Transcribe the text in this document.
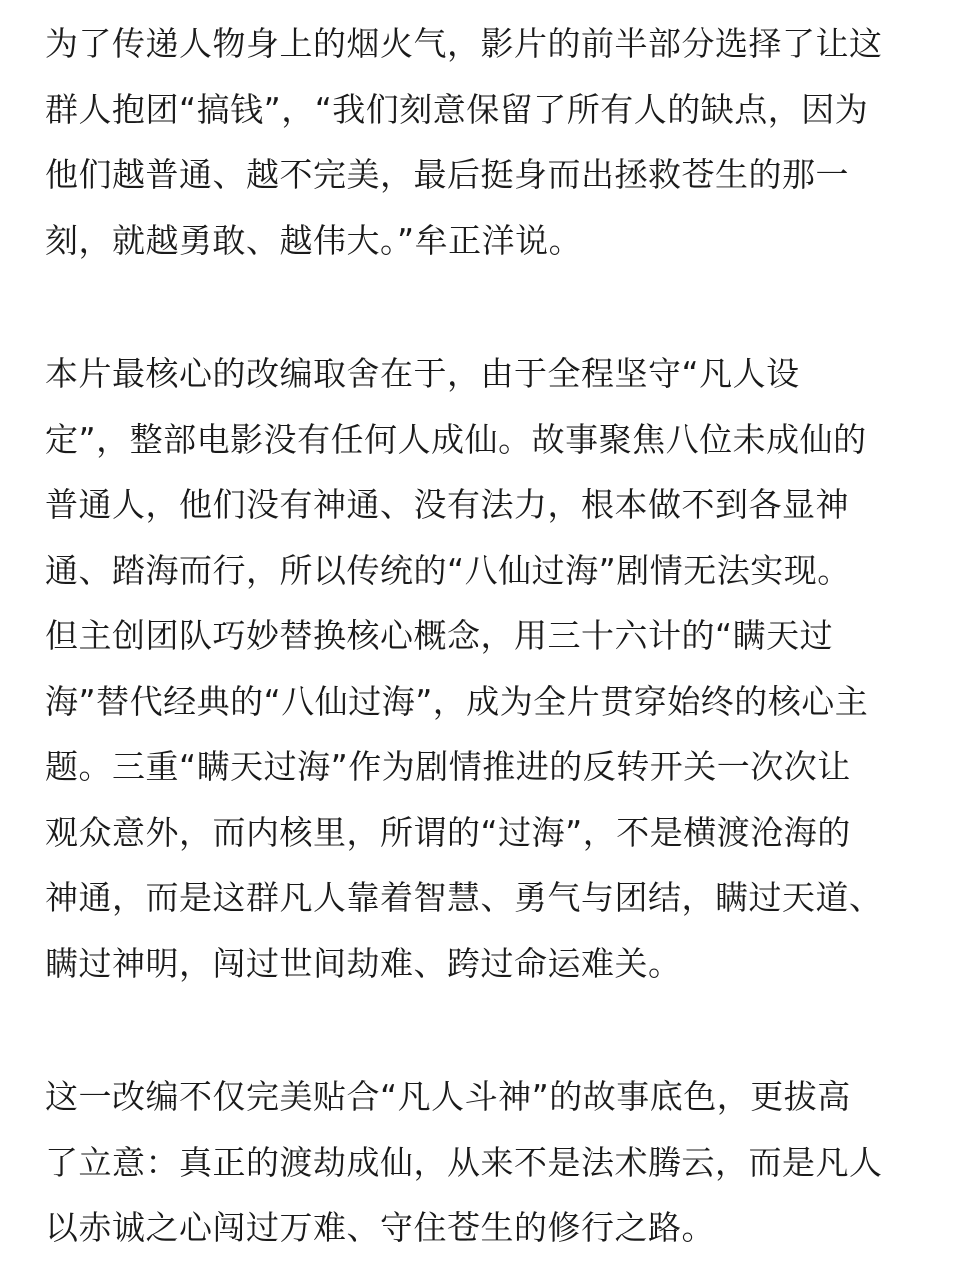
为了传递人物身上的烟火气，影片的前半部分选择了让这
群人抱团“搞钱”，“我们刻意保留了所有人的缺点，因为
他们越普通、越不完美，最后挺身而出拯救苍生的那一
刻，就越勇敢、越伟大。”牟正洋说。
本片最核心的改编取舍在于，由于全程坚守“凡人设
定”，整部电影没有任何人成仙。故事聚焦八位未成仙的
普通人，他们没有神通、没有法力，根本做不到各显神
通、踏海而行，所以传统的“八仙过海”剧情无法实现。
但主创团队巧妙替换核心概念，用三十六计的“瞒天过
海”替代经典的“八仙过海”，成为全片贯穿始终的核心主
题。三重“瞒天过海”作为剧情推进的反转开关一次次让
观众意外，而内核里，所谓的“过海”，不是横渡沧海的
神通，而是这群凡人靠着智慧、勇气与团结，瞒过天道、
瞒过神明，闯过世间劫难、跨过命运难关。
这一改编不仅完美贴合“凡人斗神”的故事底色，更拔高
了立意：真正的渡劫成仙，从来不是法术腾云，而是凡人
以赤诚之心闯过万难、守住苍生的修行之路。
